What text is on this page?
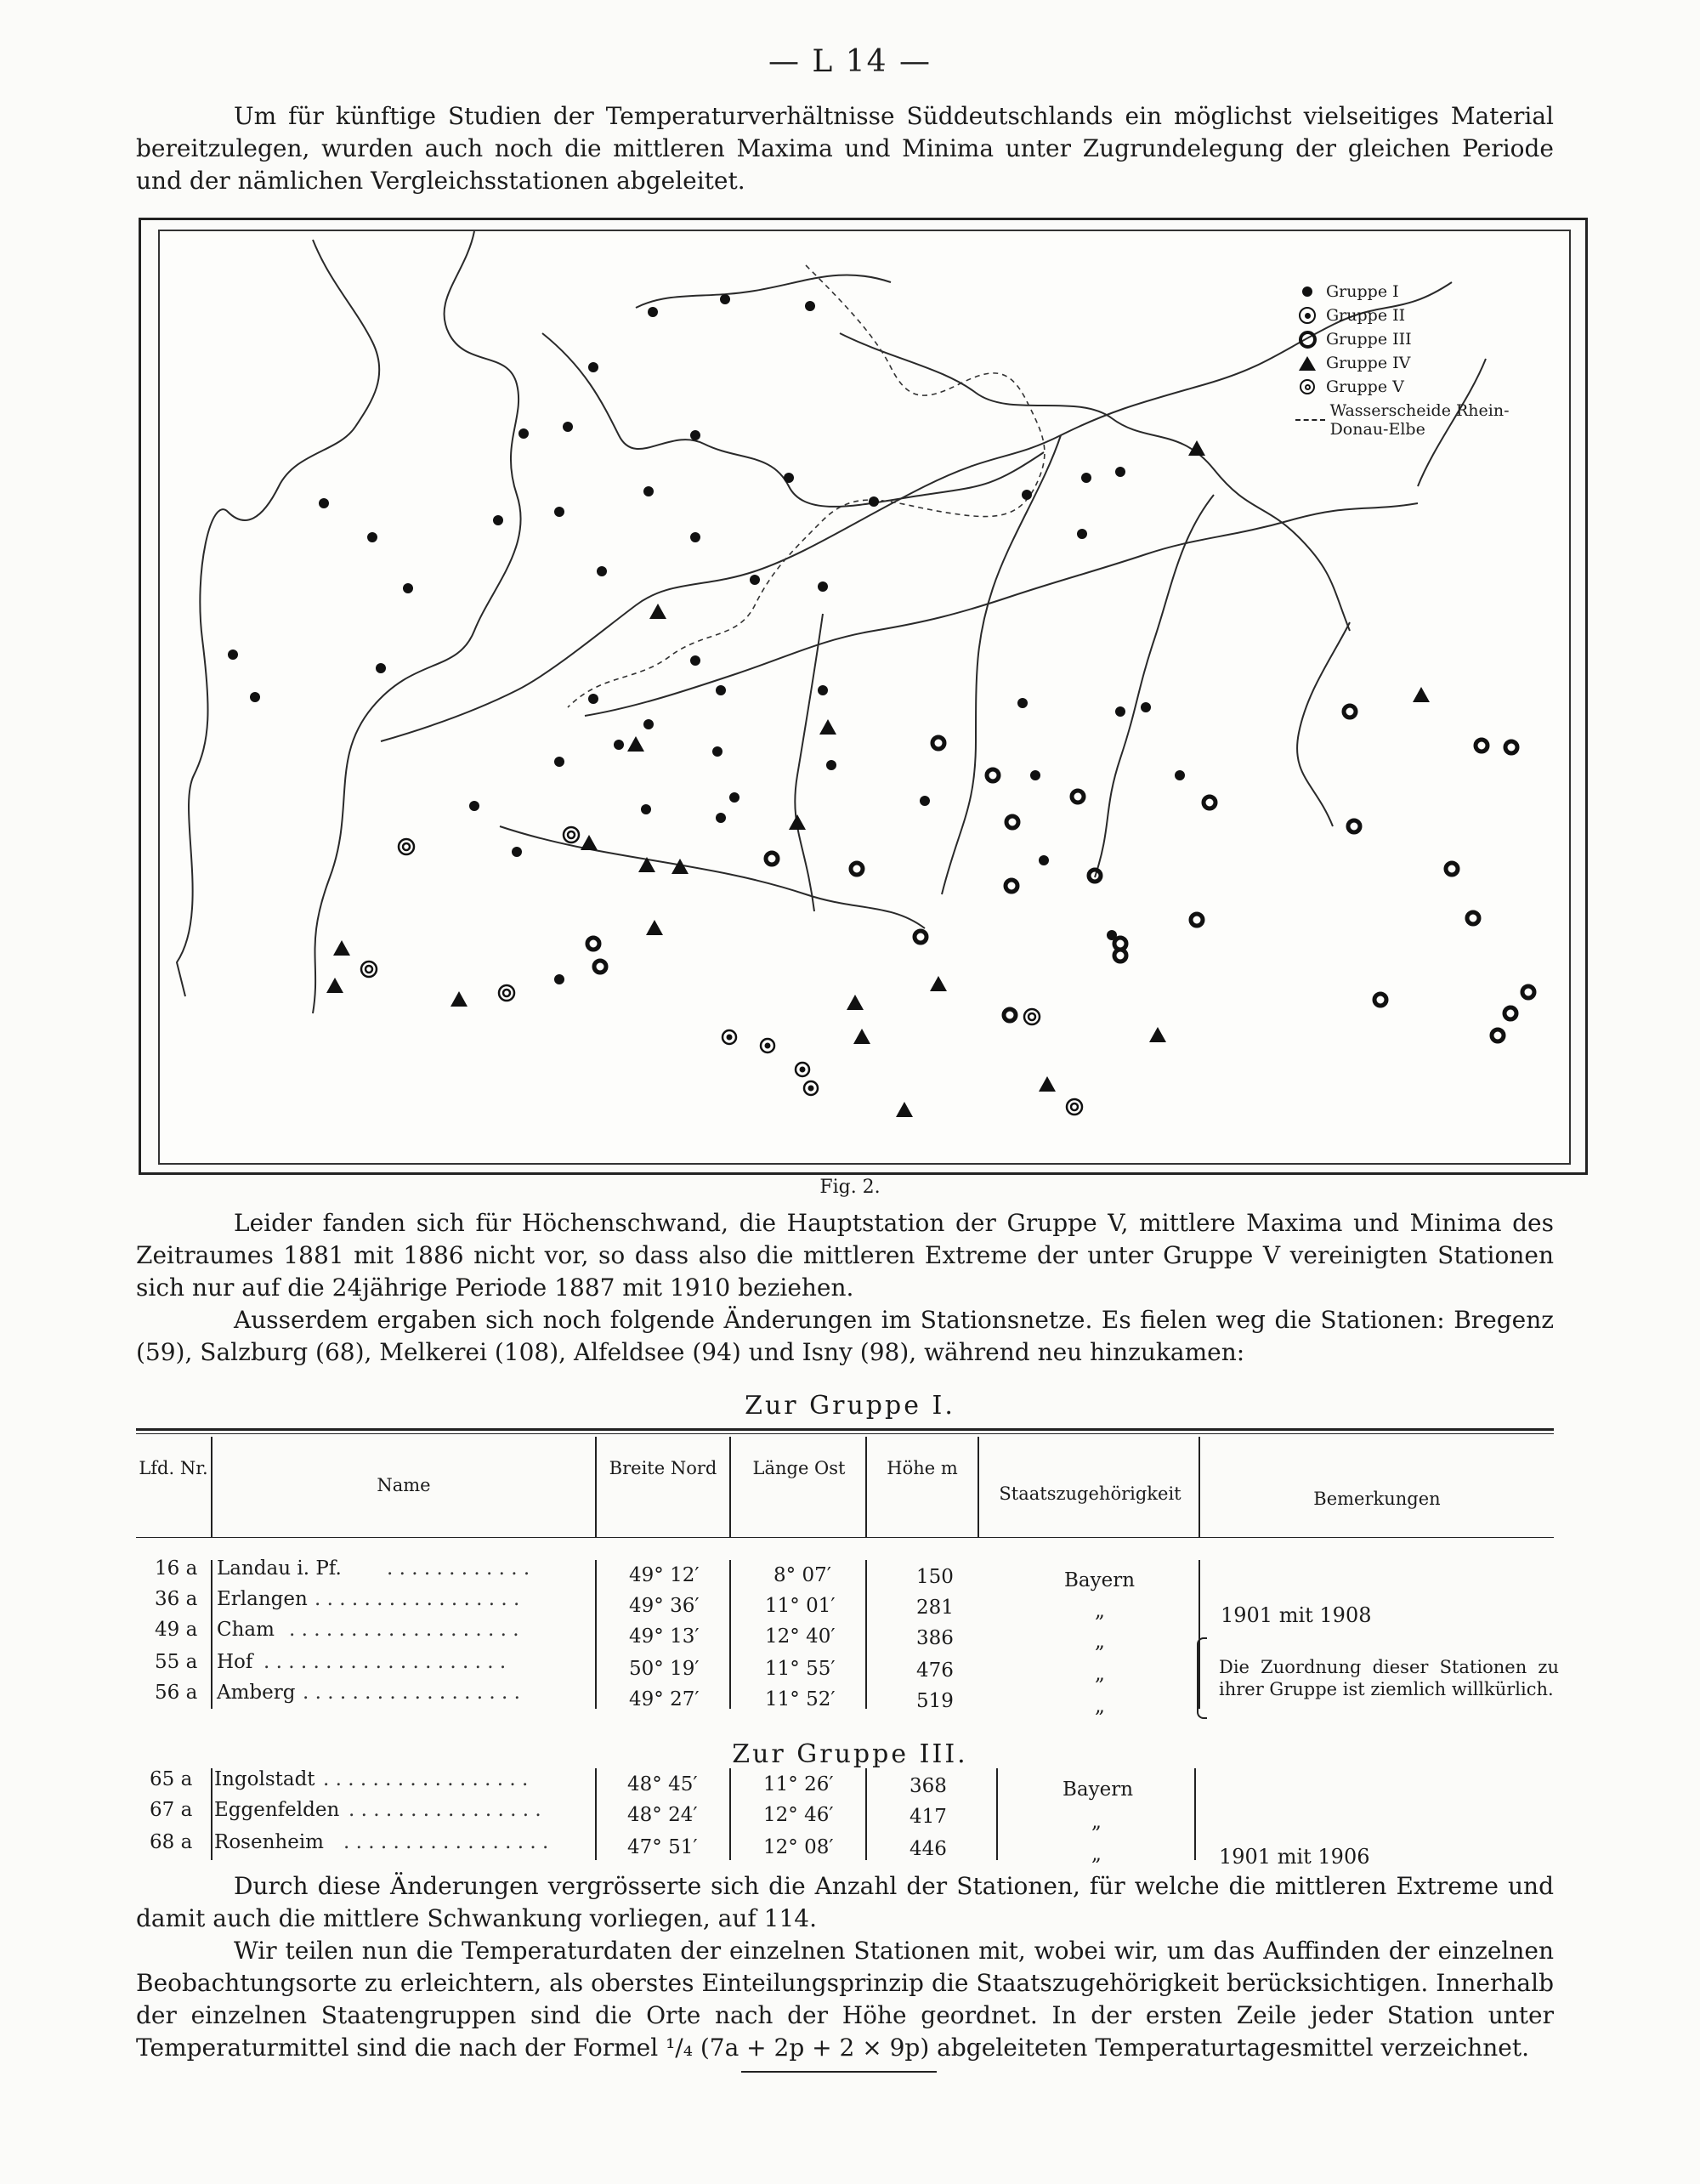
— L 14 —

Um für künftige Studien der Temperaturverhältnisse Süddeutschlands ein möglichst vielseitiges Material bereitzulegen, wurden auch noch die mittleren Maxima und Minima unter Zugrundelegung der gleichen Periode und der nämlichen Vergleichsstationen abgeleitet.

Gruppe I
Gruppe II
Gruppe III
Gruppe IV
Gruppe V
Wasserscheide Rhein-Donau-Elbe
Fig. 2.

Leider fanden sich für Höchenschwand, die Hauptstation der Gruppe V, mittlere Maxima und Minima des Zeitraumes 1881 mit 1886 nicht vor, so dass also die mittleren Extreme der unter Gruppe V vereinigten Stationen sich nur auf die 24jährige Periode 1887 mit 1910 beziehen.

Ausserdem ergaben sich noch folgende Änderungen im Stationsnetze. Es fielen weg die Stationen: Bregenz (59), Salzburg (68), Melkerei (108), Alfeldsee (94) und Isny (98), während neu hinzukamen:

Zur Gruppe I.
Lfd. Nr.
Name
Breite Nord	Länge Ost	Höhe m
Staatszugehörigkeit	Bemerkungen
16 a Landau i. Pf. . . . . . . . . . . . .	49° 12′	8° 07′	150	Bayern
36 a Erlangen . . . . . . . . . . . . . . . . .	49° 36′	11° 01′	281	„
49 a Cham . . . . . . . . . . . . . . . . . . .	49° 13′	12° 40′	386	„
55 a Hof . . . . . . . . . . . . . . . . . . . .	50° 19′	11° 55′	476	„
56 a Amberg . . . . . . . . . . . . . . . . . .	49° 27′	11° 52′	519	„
1901 mit 1908
Die Zuordnung dieser Stationen zu ihrer Gruppe ist ziemlich willkürlich.
Zur Gruppe III.
65 a Ingolstadt . . . . . . . . . . . . . . . . .	48° 45′	11° 26′	368	Bayern
67 a Eggenfelden . . . . . . . . . . . . . . . .	48° 24′	12° 46′	417	„
68 a Rosenheim . . . . . . . . . . . . . . . . .	47° 51′	12° 08′	446	„	1901 mit 1906

Durch diese Änderungen vergrösserte sich die Anzahl der Stationen, für welche die mittleren Extreme und damit auch die mittlere Schwankung vorliegen, auf 114.

Wir teilen nun die Temperaturdaten der einzelnen Stationen mit, wobei wir, um das Auffinden der einzelnen Beobachtungsorte zu erleichtern, als oberstes Einteilungsprinzip die Staatszugehörigkeit berücksichtigen. Innerhalb der einzelnen Staatengruppen sind die Orte nach der Höhe geordnet. In der ersten Zeile jeder Station unter Temperaturmittel sind die nach der Formel ¹/₄ (7a + 2p + 2 × 9p) abgeleiteten Temperaturtagesmittel verzeichnet.
